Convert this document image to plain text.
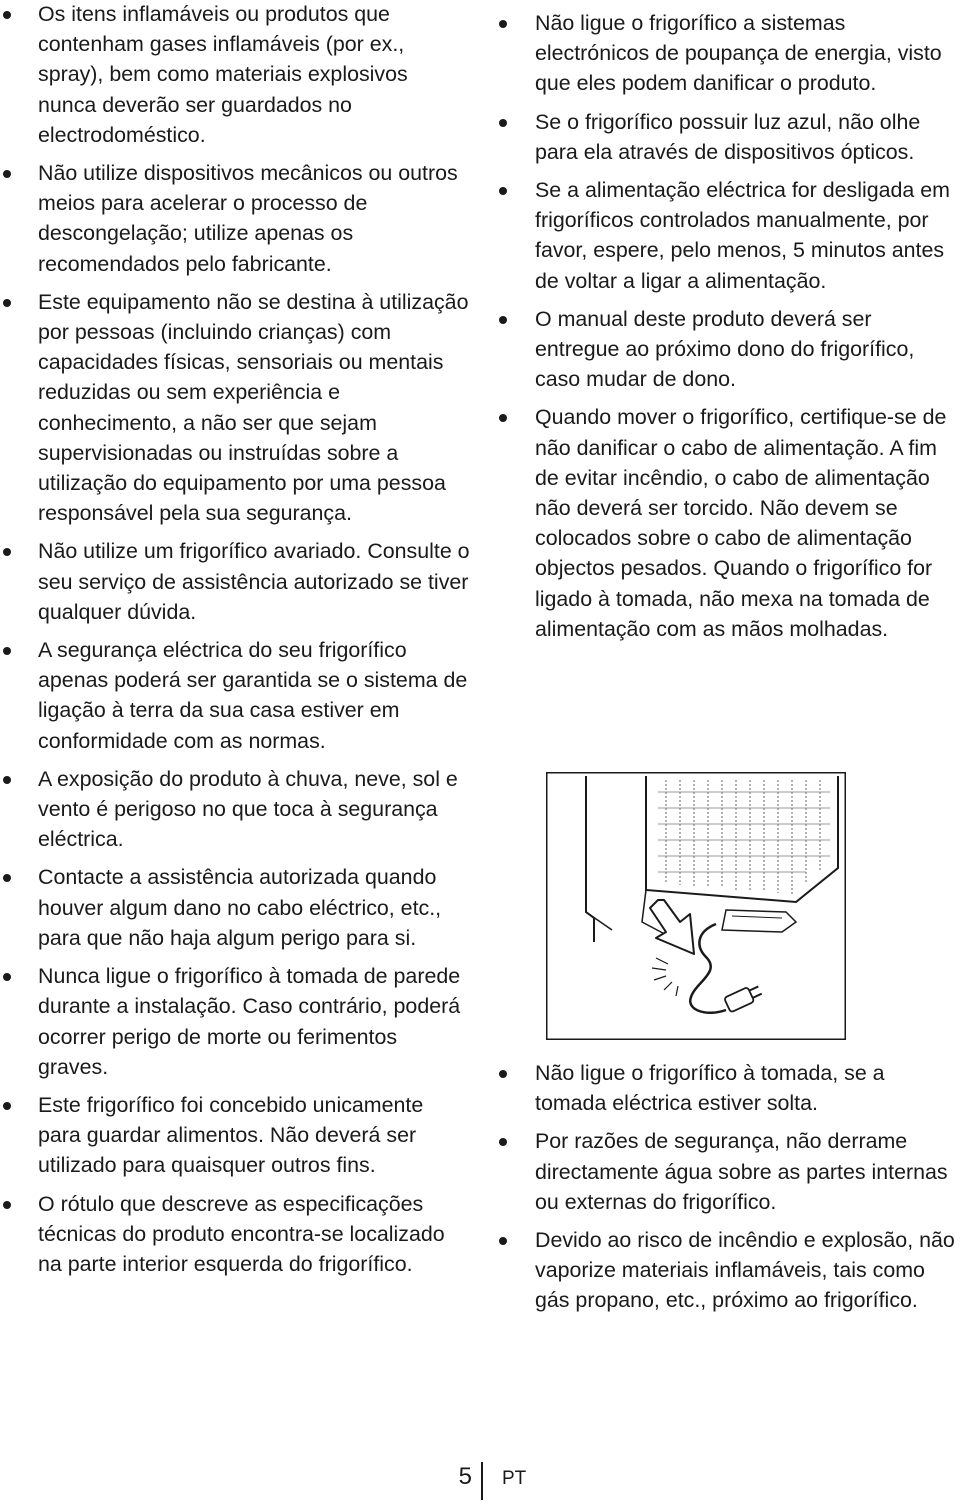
Os itens inflamáveis ou produtos que contenham gases inflamáveis (por ex., spray), bem como materiais explosivos nunca deverão ser guardados no electrodoméstico.
Não utilize dispositivos mecânicos ou outros meios para acelerar o processo de descongelação; utilize apenas os recomendados pelo fabricante.
Este equipamento não se destina à utilização por pessoas (incluindo crianças) com capacidades físicas, sensoriais ou mentais reduzidas ou sem experiência e conhecimento, a não ser que sejam supervisionadas ou instruídas sobre a utilização do equipamento por uma pessoa responsável pela sua segurança.
Não utilize um frigorífico avariado. Consulte o seu serviço de assistência autorizado se tiver qualquer dúvida.
A segurança eléctrica do seu frigorífico apenas poderá ser garantida se o sistema de ligação à terra da sua casa estiver em conformidade com as normas.
A exposição do produto à chuva, neve, sol e vento é perigoso no que toca à segurança eléctrica.
Contacte a assistência autorizada quando houver algum dano no cabo eléctrico, etc., para que não haja algum perigo para si.
Nunca ligue o frigorífico à tomada de parede durante a instalação. Caso contrário, poderá ocorrer perigo de morte ou ferimentos graves.
Este frigorífico foi concebido unicamente para guardar alimentos. Não deverá ser utilizado para quaisquer outros fins.
O rótulo que descreve as especificações técnicas do produto encontra-se localizado na parte interior esquerda do frigorífico.
Não ligue o frigorífico a sistemas electrónicos de poupança de energia, visto que eles podem danificar o produto.
Se o frigorífico possuir luz azul, não olhe para ela através de dispositivos ópticos.
Se a alimentação eléctrica for desligada em frigoríficos controlados manualmente, por favor, espere, pelo menos, 5 minutos antes de voltar a ligar a alimentação.
O manual deste produto deverá ser entregue ao próximo dono do frigorífico, caso mudar de dono.
Quando mover o frigorífico, certifique-se de não danificar o cabo de alimentação. A fim de evitar incêndio, o cabo de alimentação não deverá ser torcido. Não devem se colocados sobre o cabo de alimentação objectos pesados. Quando o frigorífico for ligado à tomada, não mexa na tomada de alimentação com as mãos molhadas.
Não ligue o frigorífico à tomada, se a tomada eléctrica estiver solta.
Por razões de segurança, não derrame directamente água sobre as partes internas ou externas do frigorífico.
Devido ao risco de incêndio e explosão, não vaporize materiais inflamáveis, tais como gás propano, etc., próximo ao frigorífico.
5 PT
